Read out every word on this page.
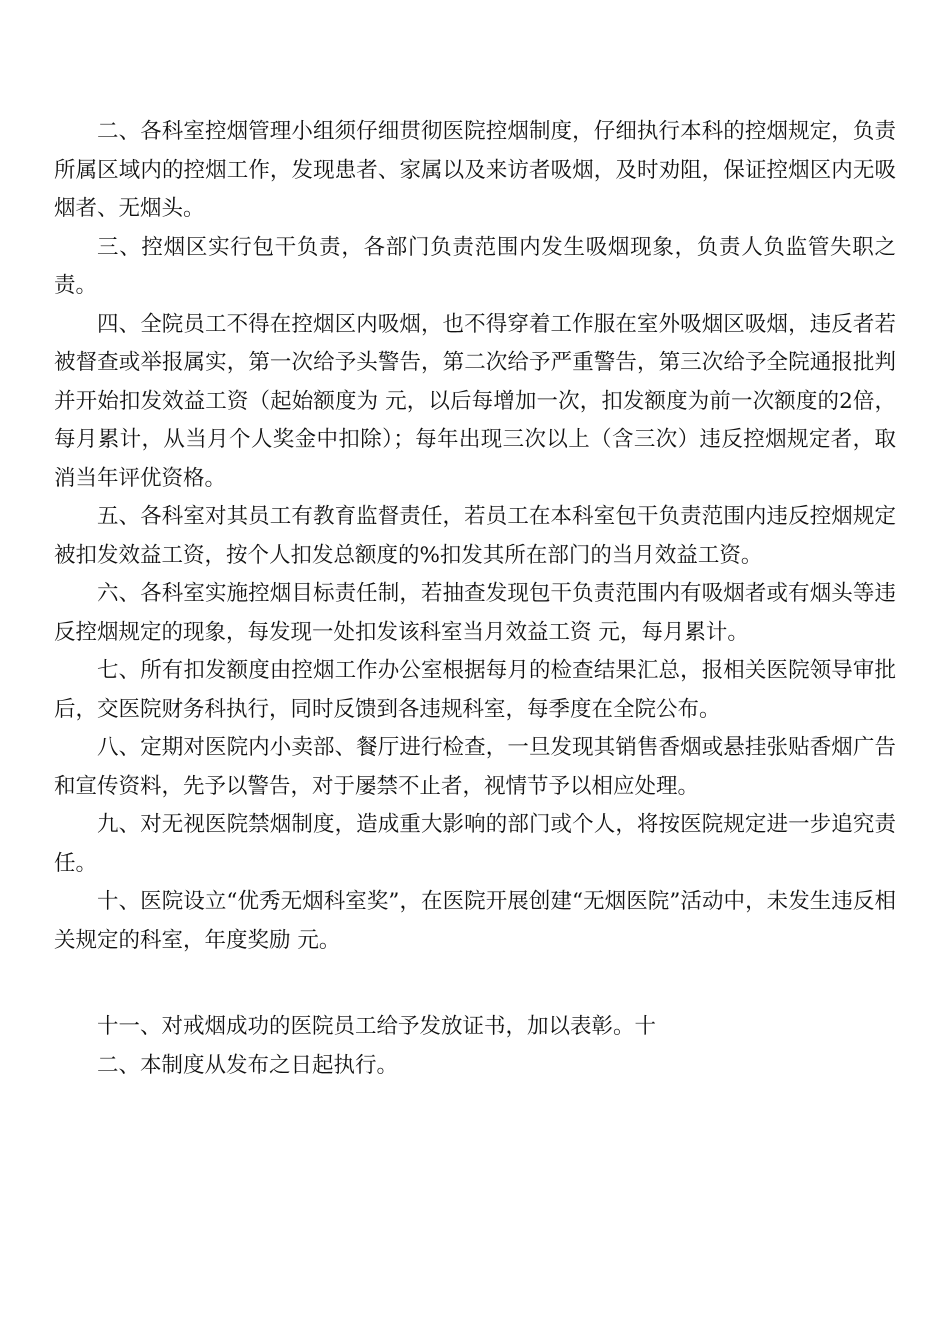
二、各科室控烟管理小组须仔细贯彻医院控烟制度，仔细执行本科的控烟规定，负责所属区域内的控烟工作，发现患者、家属以及来访者吸烟，及时劝阻，保证控烟区内无吸烟者、无烟头。

三、控烟区实行包干负责，各部门负责范围内发生吸烟现象，负责人负监管失职之责。

四、全院员工不得在控烟区内吸烟，也不得穿着工作服在室外吸烟区吸烟，违反者若被督查或举报属实，第一次给予头警告，第二次给予严重警告，第三次给予全院通报批判并开始扣发效益工资（起始额度为 元，以后每增加一次，扣发额度为前一次额度的2倍，每月累计，从当月个人奖金中扣除）；每年出现三次以上（含三次）违反控烟规定者，取消当年评优资格。

五、各科室对其员工有教育监督责任，若员工在本科室包干负责范围内违反控烟规定被扣发效益工资，按个人扣发总额度的%扣发其所在部门的当月效益工资。

六、各科室实施控烟目标责任制，若抽查发现包干负责范围内有吸烟者或有烟头等违反控烟规定的现象，每发现一处扣发该科室当月效益工资 元，每月累计。

七、所有扣发额度由控烟工作办公室根据每月的检查结果汇总，报相关医院领导审批后，交医院财务科执行，同时反馈到各违规科室，每季度在全院公布。

八、定期对医院内小卖部、餐厅进行检查，一旦发现其销售香烟或悬挂张贴香烟广告和宣传资料，先予以警告，对于屡禁不止者，视情节予以相应处理。

九、对无视医院禁烟制度，造成重大影响的部门或个人，将按医院规定进一步追究责任。

十、医院设立“优秀无烟科室奖”，在医院开展创建“无烟医院”活动中，未发生违反相关规定的科室，年度奖励 元。

十一、对戒烟成功的医院员工给予发放证书，加以表彰。十

二、本制度从发布之日起执行。
